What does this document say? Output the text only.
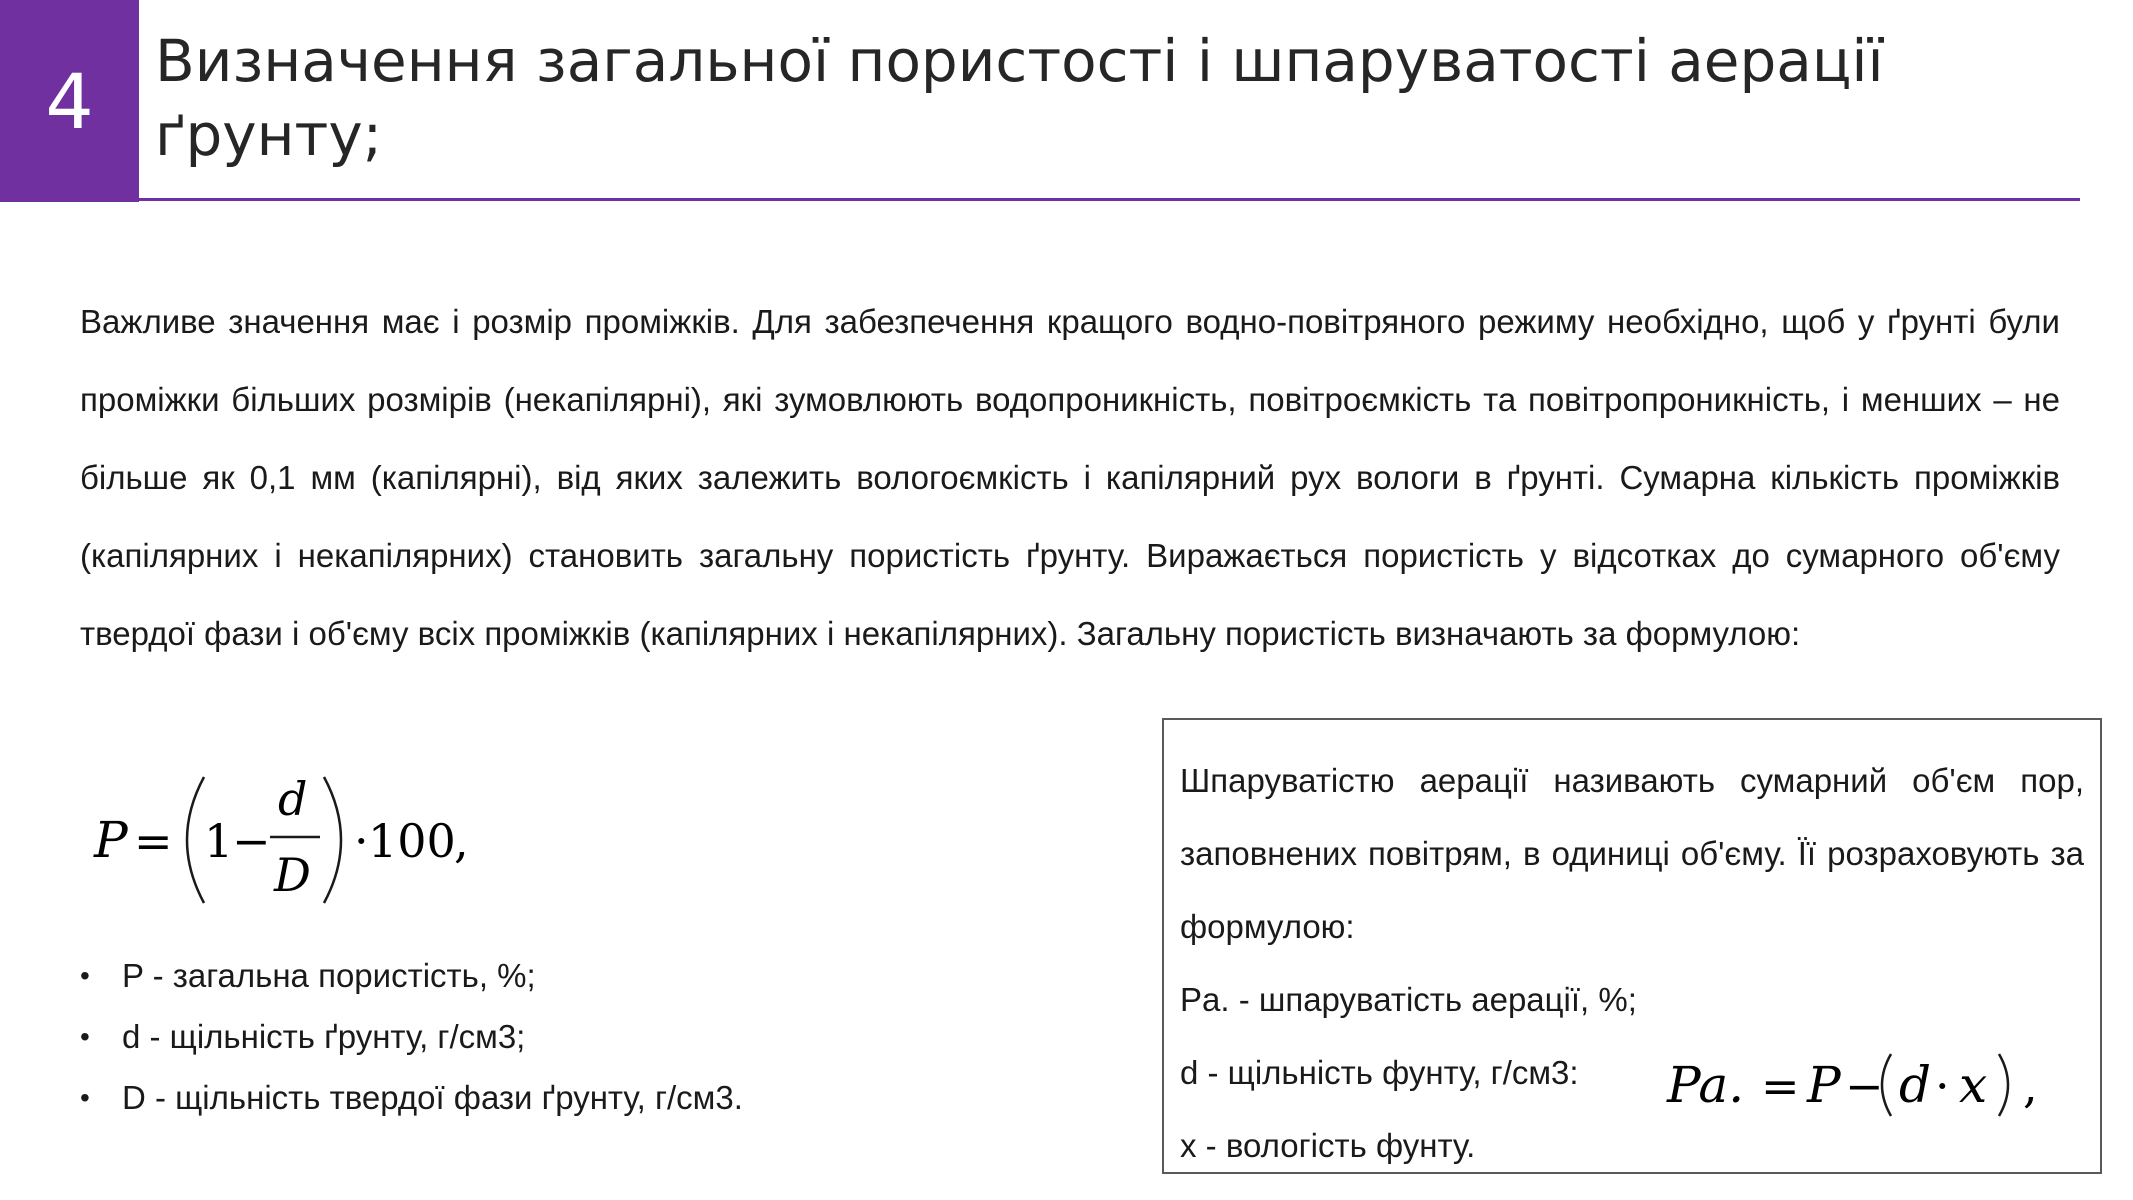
4 Визначення загальної пористості і шпаруватості аерації ґрунту;
Важливе значення має і розмір проміжків. Для забезпечення кращого водно-повітряного режиму необхідно, щоб у ґрунті були проміжки більших розмірів (некапілярні), які зумовлюють водопроникність, повітроємкість та повітропроникність, і менших – не більше як 0,1 мм (капілярні), від яких залежить вологоємкість і капілярний рух вологи в ґрунті. Сумарна кількість проміжків (капілярних і некапілярних) становить загальну пористість ґрунту. Виражається пористість у відсотках до сумарного об'єму твердої фази і об'єму всіх проміжків (капілярних і некапілярних). Загальну пористість визначають за формулою:
P = 1
−
d
D
· 100
,
• P - загальна пористість, %;
• d - щільність ґрунту, г/см3;
• D - щільність твердої фази ґрунту, г/см3.
Шпаруватістю аерації називають сумарний об'єм пор, заповнених повітрям, в одиниці об'єму. Її розраховують за формулою:
Pa. - шпаруватість аерації, %;
d - щільність фунту, г/см3:
x - вологість фунту.
Pa. = P − d · x ,
